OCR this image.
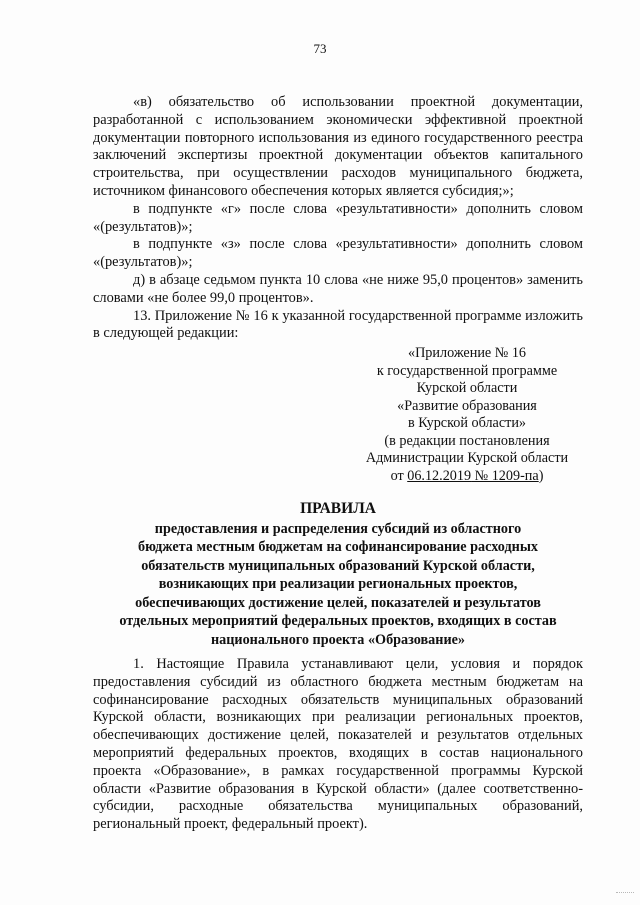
73

«в) обязательство об использовании проектной документации, разработанной с использованием экономически эффективной проектной документации повторного использования из единого государственного реестра заключений экспертизы проектной документации объектов капитального строительства, при осуществлении расходов муниципального бюджета, источником финансового обеспечения которых является субсидия;»;

в подпункте «г» после слова «результативности» дополнить словом «(результатов)»;

в подпункте «з» после слова «результативности» дополнить словом «(результатов)»;

д) в абзаце седьмом пункта 10 слова «не ниже 95,0 процентов» заменить словами «не более 99,0 процентов».

13. Приложение № 16 к указанной государственной программе изложить в следующей редакции:

«Приложение № 16
к государственной программе
Курской области
«Развитие образования
в Курской области»
(в редакции постановления
Администрации Курской области
от 06.12.2019 № 1209-па)
ПРАВИЛА
предоставления и распределения субсидий из областного
бюджета местным бюджетам на софинансирование расходных
обязательств муниципальных образований Курской области,
возникающих при реализации региональных проектов,
обеспечивающих достижение целей, показателей и результатов
отдельных мероприятий федеральных проектов, входящих в состав
национального проекта «Образование»

1. Настоящие Правила устанавливают цели, условия и порядок предоставления субсидий из областного бюджета местным бюджетам на софинансирование расходных обязательств муниципальных образований Курской области, возникающих при реализации региональных проектов, обеспечивающих достижение целей, показателей и результатов отдельных мероприятий федеральных проектов, входящих в состав национального проекта «Образование», в рамках государственной программы Курской области «Развитие образования в Курской области» (далее соответственно-субсидии, расходные обязательства муниципальных образований, региональный проект, федеральный проект).
